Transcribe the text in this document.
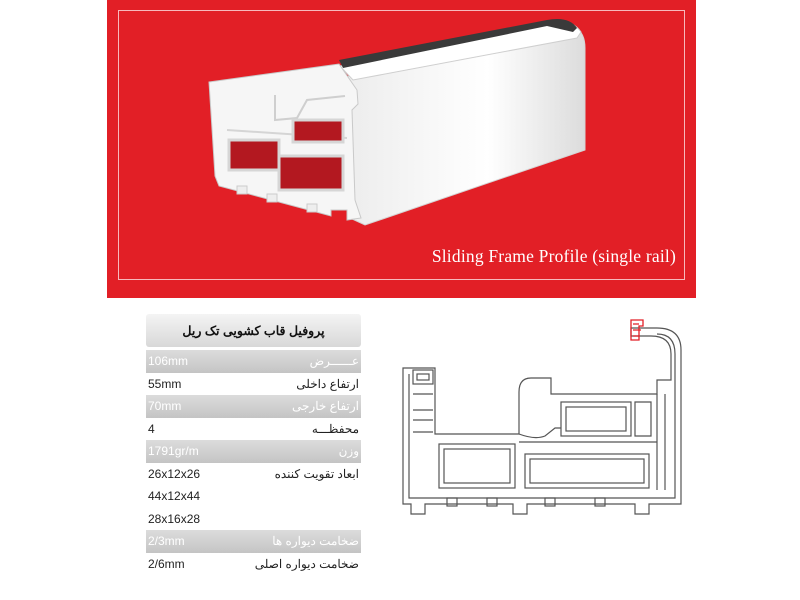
Sliding Frame Profile (single rail)
پروفیل قاب کشویی تک ریل
106mm	عــــــرض
55mm	ارتفاع داخلی
70mm	ارتفاع خارجی
4	محفظـــه
1791gr/m	وزن
26x12x26	ابعاد تقویت کننده
44x12x44
28x16x28
2/3mm	ضخامت دیواره ها
2/6mm	ضخامت دیواره اصلی
